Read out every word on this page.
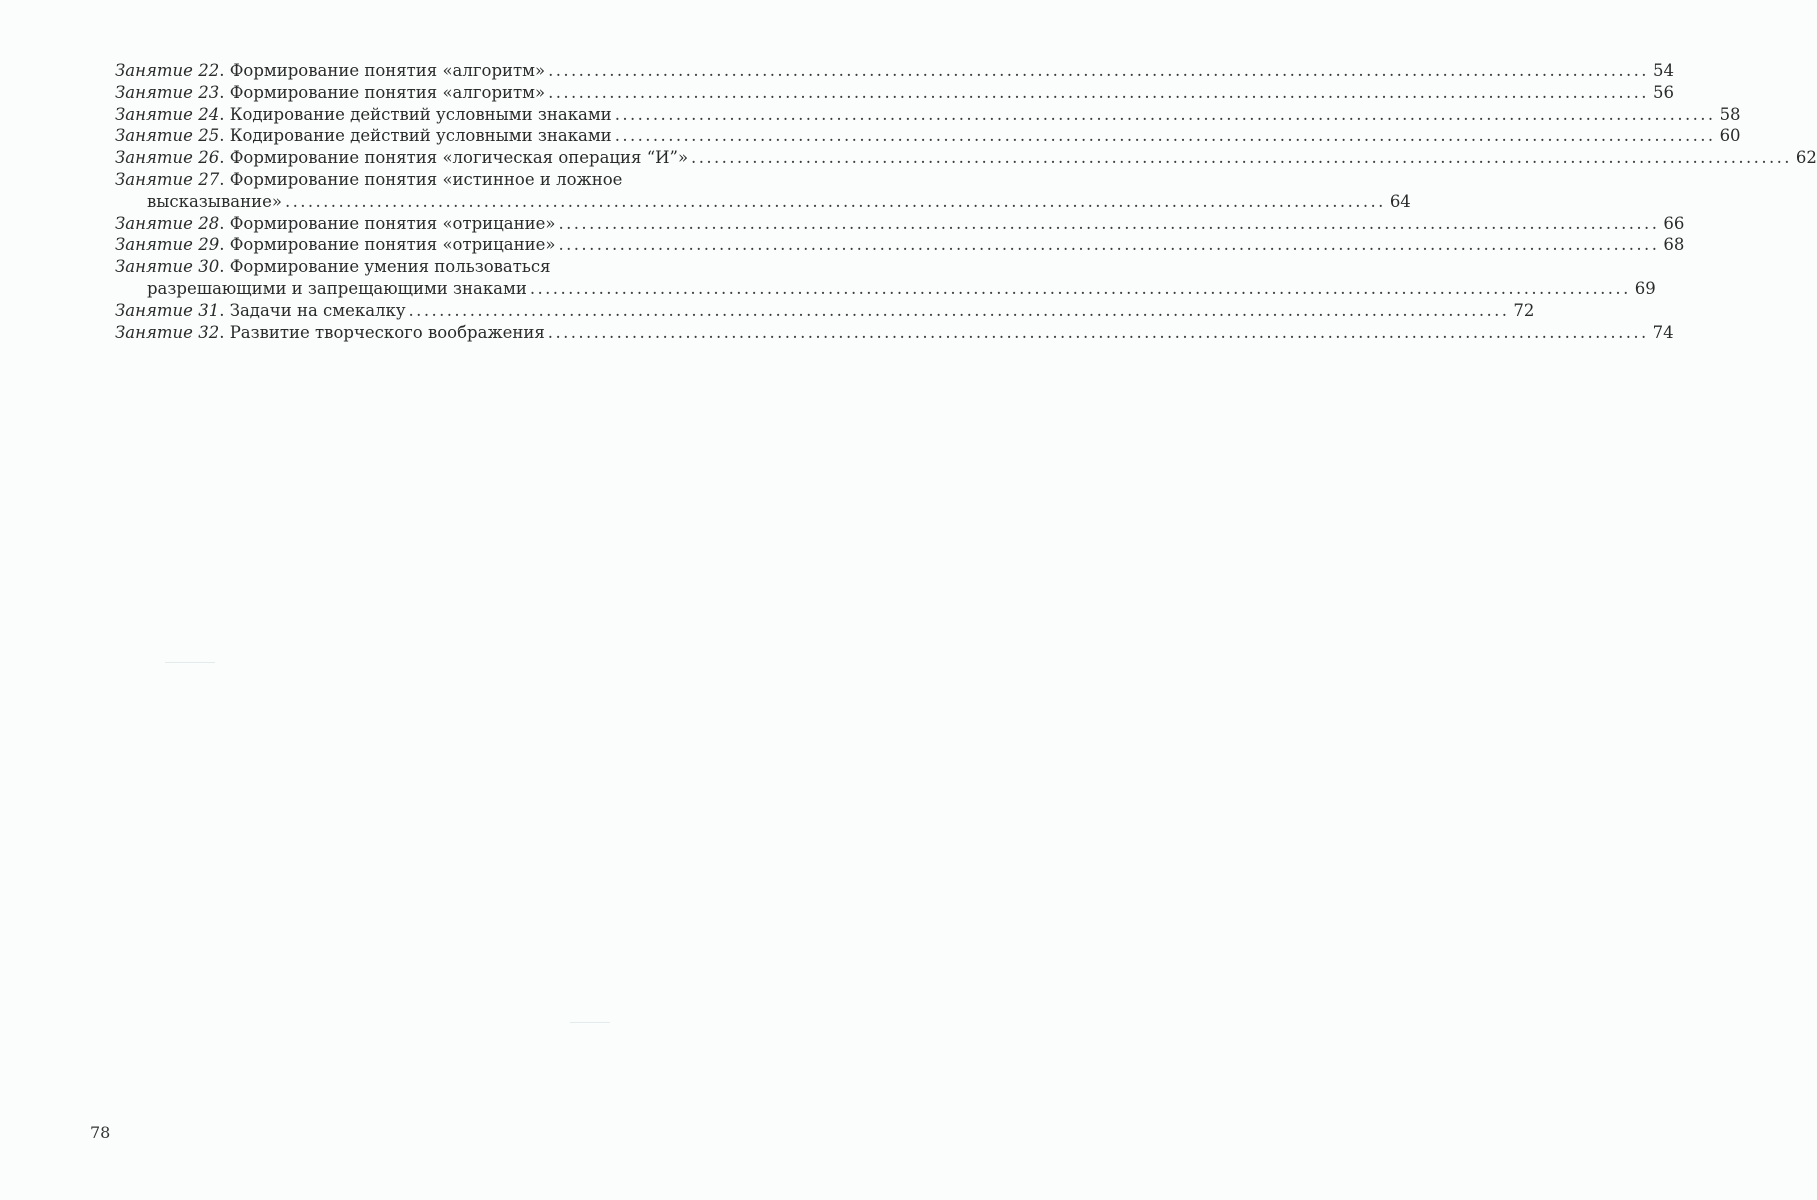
Занятие 22. Формирование понятия «алгоритм» .....	54
Занятие 23. Формирование понятия «алгоритм» .....	56
Занятие 24. Кодирование действий условными знаками .....	58
Занятие 25. Кодирование действий условными знаками .....	60
Занятие 26. Формирование понятия «логическая операция “И”» .....	62
Занятие 27. Формирование понятия «истинное и ложное
высказывание» .....	64
Занятие 28. Формирование понятия «отрицание» .....	66
Занятие 29. Формирование понятия «отрицание» .....	68
Занятие 30. Формирование умения пользоваться
разрешающими и запрещающими знаками .....	69
Занятие 31. Задачи на смекалку .....	72
Занятие 32. Развитие творческого воображения .....	74
78
